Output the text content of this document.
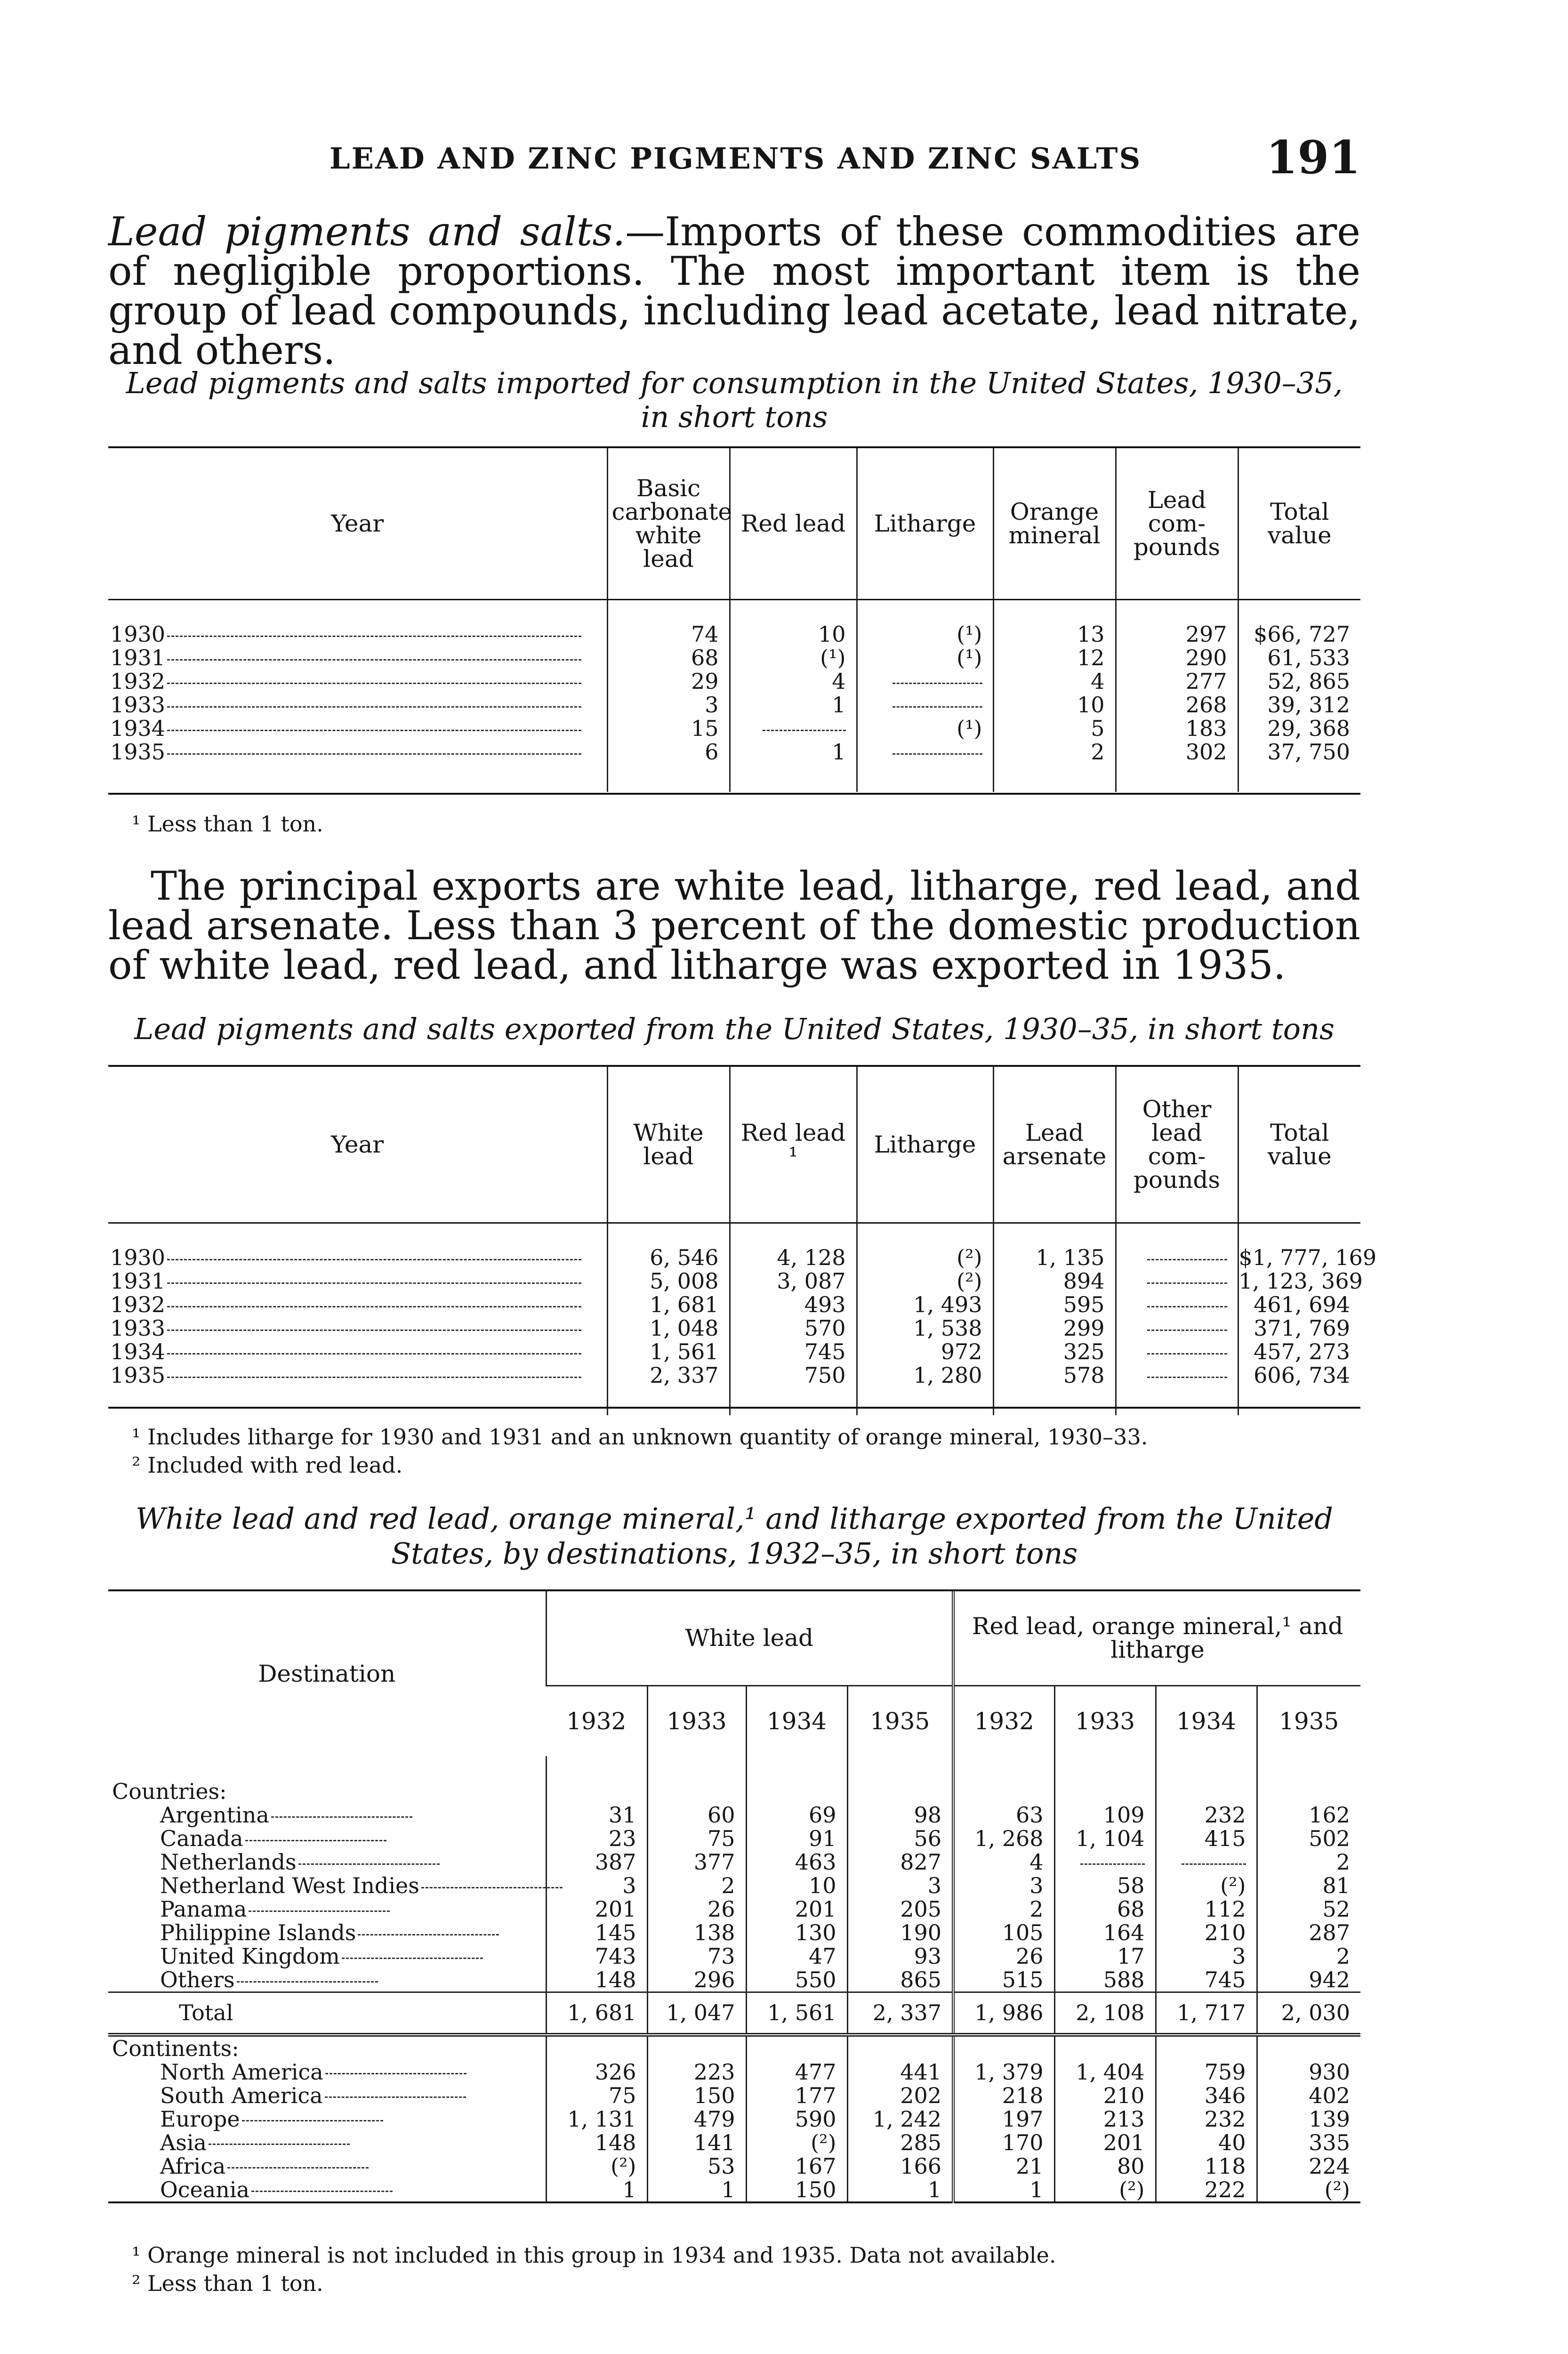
LEAD AND ZINC PIGMENTS AND ZINC SALTS	191
Lead pigments and salts.—Imports of these commodities are of negligible proportions. The most important item is the group of lead compounds, including lead acetate, lead nitrate, and others.
Lead pigments and salts imported for consumption in the United States, 1930–35, in short tons
Year	Basic carbonate white lead	Red lead	Litharge	Orange mineral	Lead com-pounds	Total value

1930	74	10	(¹)	13	297	$66, 727
1931	68	(¹)	(¹)	12	290	61, 533
1932	29	4		4	277	52, 865
1933	3	1		10	268	39, 312
1934	15		(¹)	5	183	29, 368
1935	6	1		2	302	37, 750

¹ Less than 1 ton.
The principal exports are white lead, litharge, red lead, and lead arsenate. Less than 3 percent of the domestic production of white lead, red lead, and litharge was exported in 1935.
Lead pigments and salts exported from the United States, 1930–35, in short tons
Year	White lead	Red lead ¹	Litharge	Lead arsenate	Other lead com-pounds	Total value

1930	6, 546	4, 128	(²)	1, 135		$1, 777, 169
1931	5, 008	3, 087	(²)	894		1, 123, 369
1932	1, 681	493	1, 493	595		461, 694
1933	1, 048	570	1, 538	299		371, 769
1934	1, 561	745	972	325		457, 273
1935	2, 337	750	1, 280	578		606, 734

¹ Includes litharge for 1930 and 1931 and an unknown quantity of orange mineral, 1930–33.
² Included with red lead.
White lead and red lead, orange mineral,¹ and litharge exported from the United
States, by destinations, 1932–35, in short tons
Destination	White lead				Red lead, orange mineral,¹ and litharge			
	1932	1933	1934	1935	1932	1933	1934	1935

Countries:								
Argentina	31	60	69	98	63	109	232	162
Canada	23	75	91	56	1, 268	1, 104	415	502
Netherlands	387	377	463	827	4			2
Netherland West Indies	3	2	10	3	3	58	(²)	81
Panama	201	26	201	205	2	68	112	52
Philippine Islands	145	138	130	190	105	164	210	287
United Kingdom	743	73	47	93	26	17	3	2
Others	148	296	550	865	515	588	745	942
Total	1, 681	1, 047	1, 561	2, 337	1, 986	2, 108	1, 717	2, 030
Continents:								
North America	326	223	477	441	1, 379	1, 404	759	930
South America	75	150	177	202	218	210	346	402
Europe	1, 131	479	590	1, 242	197	213	232	139
Asia	148	141	(²)	285	170	201	40	335
Africa	(²)	53	167	166	21	80	118	224
Oceania	1	1	150	1	1	(²)	222	(²)
¹ Orange mineral is not included in this group in 1934 and 1935. Data not available.
² Less than 1 ton.
